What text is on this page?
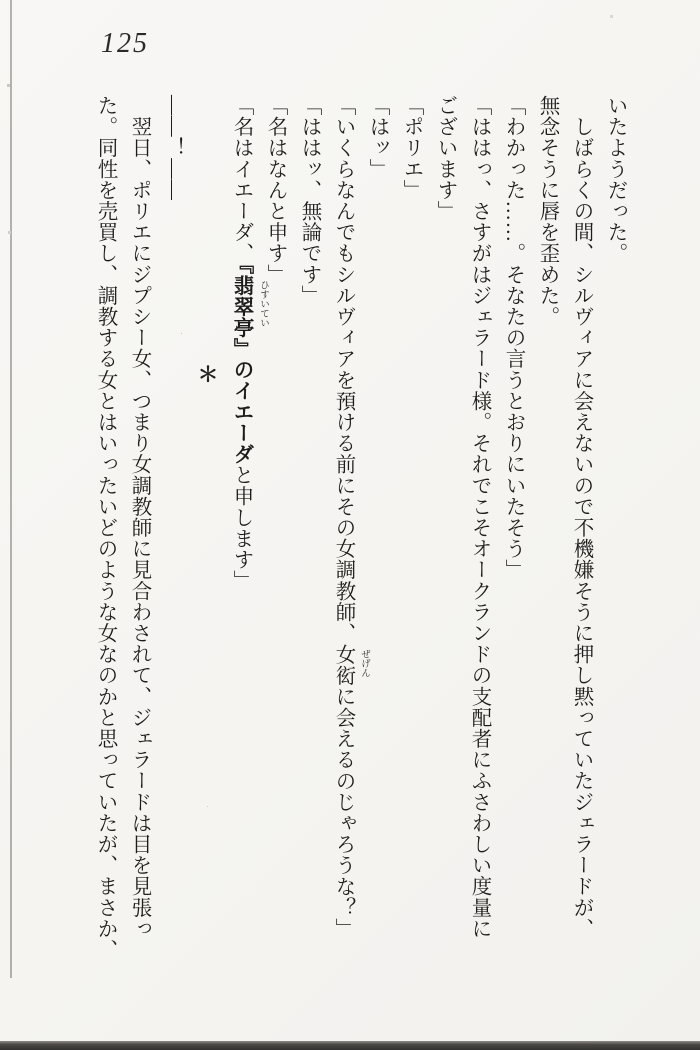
125
いたようだった。
　しばらくの間、シルヴィアに会えないので不機嫌そうに押し黙っていたジェラードが、
無念そうに唇を歪めた。
「わかった……。そなたの言うとおりにいたそう」
「ははっ、さすがはジェラード様。それでこそオークランドの支配者にふさわしい度量に
ございます」
「ポリエ」
「はッ」
「いくらなんでもシルヴィアを預ける前にその女調教師、女衒 ぜげん
に会えるのじゃろうな？」
「ははッ、無論です」
「名はなんと申す」
「名はイエーダ、『翡翠亭 ひすいてい
』のイエーダと申します」
＊
――！――
　翌日、ポリエにジプシー女、つまり女調教師に見合わされて、ジェラードは目を見張っ
た。同性を売買し、調教する女とはいったいどのような女なのかと思っていたが、まさか、
